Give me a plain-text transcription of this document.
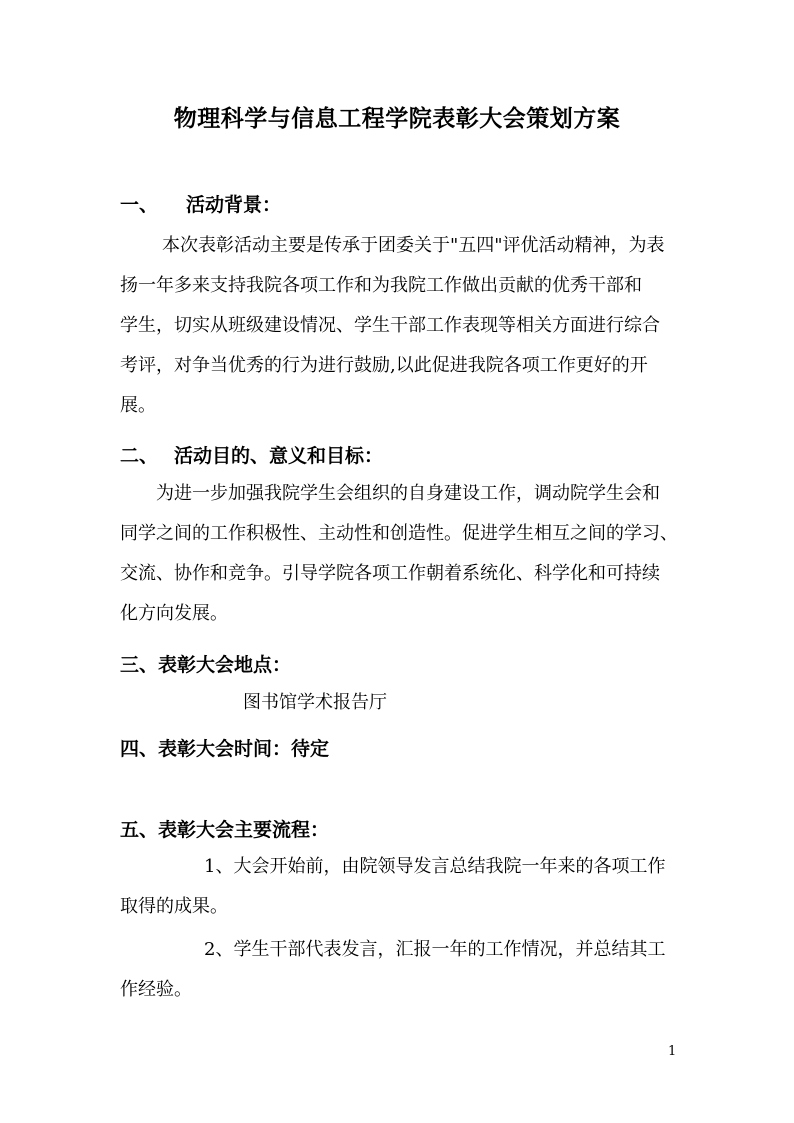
物理科学与信息工程学院表彰大会策划方案
一、 活动背景：
本次表彰活动主要是传承于团委关于"五四"评优活动精神，为表
扬一年多来支持我院各项工作和为我院工作做出贡献的优秀干部和
学生，切实从班级建设情况、学生干部工作表现等相关方面进行综合
考评，对争当优秀的行为进行鼓励,以此促进我院各项工作更好的开
展。
二、 活动目的、意义和目标：
为进一步加强我院学生会组织的自身建设工作，调动院学生会和
同学之间的工作积极性、主动性和创造性。促进学生相互之间的学习、
交流、协作和竞争。引导学院各项工作朝着系统化、科学化和可持续
化方向发展。
三、表彰大会地点：
图书馆学术报告厅
四、表彰大会时间：待定
五、表彰大会主要流程：
1、大会开始前，由院领导发言总结我院一年来的各项工作
取得的成果。
2、学生干部代表发言，汇报一年的工作情况，并总结其工
作经验。
1
